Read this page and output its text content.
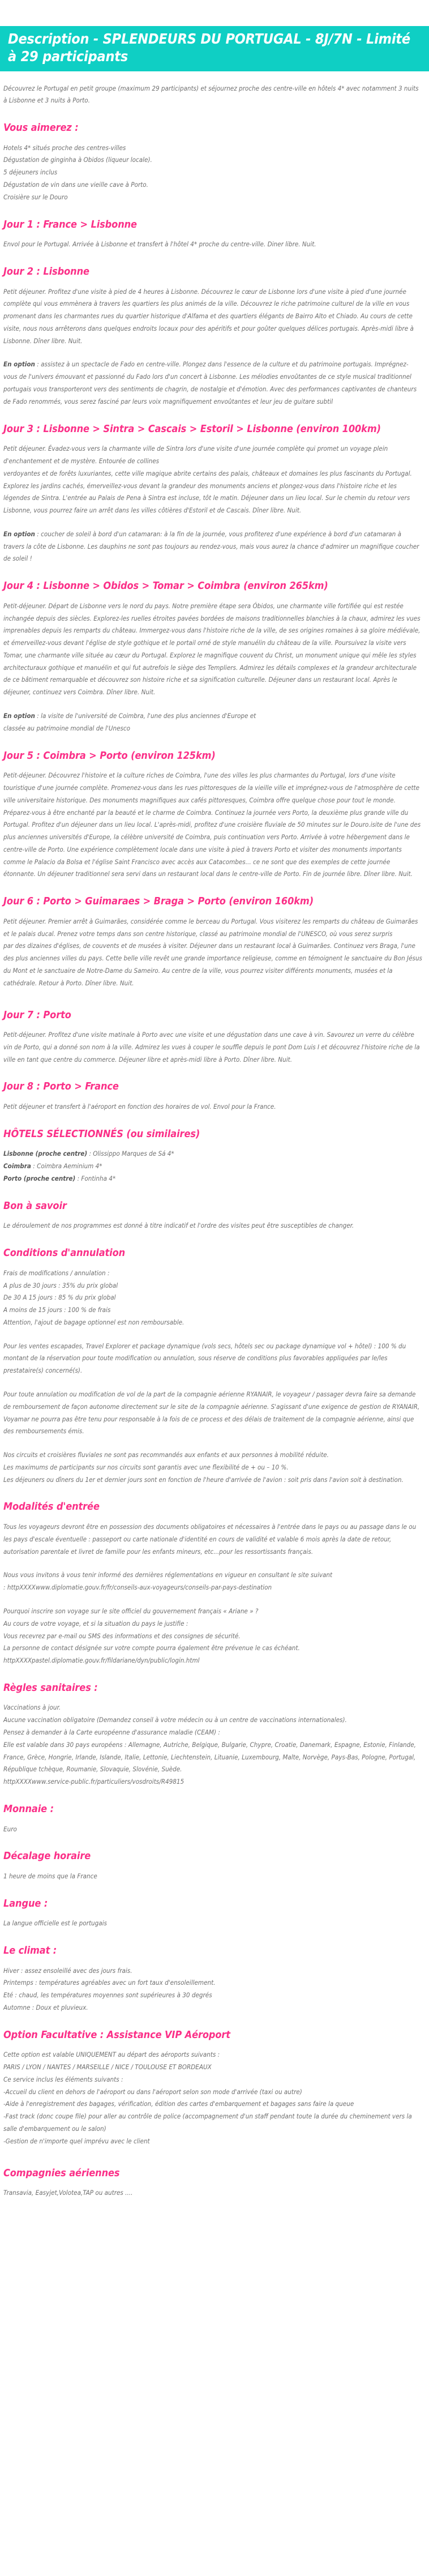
Description - SPLENDEURS DU PORTUGAL - 8J/7N - Limité à 29 participants

Découvrez le Portugal en petit groupe (maximum 29 participants) et séjournez proche des centre-ville en hôtels 4* avec notamment 3 nuits à Lisbonne et 3 nuits à Porto.

Vous aimerez :

Hotels 4* situés proche des centres-villes

Dégustation de ginginha à Obidos (liqueur locale).

5 déjeuners inclus

Dégustation de vin dans une vieille cave à Porto.

Croisière sur le Douro

Jour 1 : France > Lisbonne

Envol pour le Portugal. Arrivée à Lisbonne et transfert à l'hôtel 4* proche du centre-ville. Diner libre. Nuit.

Jour 2 : Lisbonne

Petit déjeuner. Profitez d'une visite à pied de 4 heures à Lisbonne. Découvrez le cœur de Lisbonne lors d'une visite à pied d'une journée complète qui vous emmènera à travers les quartiers les plus animés de la ville. Découvrez le riche patrimoine culturel de la ville en vous promenant dans les charmantes rues du quartier historique d'Alfama et des quartiers élégants de Bairro Alto et Chiado. Au cours de cette visite, nous nous arrêterons dans quelques endroits locaux pour des apéritifs et pour goûter quelques délices portugais. Après-midi libre à Lisbonne. Dîner libre. Nuit.

En option : assistez à un spectacle de Fado en centre-ville. Plongez dans l'essence de la culture et du patrimoine portugais. Imprégnez-vous de l'univers émouvant et passionné du Fado lors d'un concert à Lisbonne. Les mélodies envoûtantes de ce style musical traditionnel portugais vous transporteront vers des sentiments de chagrin, de nostalgie et d'émotion. Avec des performances captivantes de chanteurs de Fado renommés, vous serez fasciné par leurs voix magnifiquement envoûtantes et leur jeu de guitare subtil

Jour 3 : Lisbonne > Sintra > Cascais > Estoril > Lisbonne (environ 100km)

Petit déjeuner. Évadez-vous vers la charmante ville de Sintra lors d'une visite d'une journée complète qui promet un voyage plein d'enchantement et de mystère. Entourée de collines

verdoyantes et de forêts luxuriantes, cette ville magique abrite certains des palais, châteaux et domaines les plus fascinants du Portugal. Explorez les jardins cachés, émerveillez-vous devant la grandeur des monuments anciens et plongez-vous dans l'histoire riche et les légendes de Sintra. L'entrée au Palais de Pena à Sintra est incluse, tôt le matin. Déjeuner dans un lieu local. Sur le chemin du retour vers Lisbonne, vous pourrez faire un arrêt dans les villes côtières d'Estoril et de Cascais. Dîner libre. Nuit.

En option : coucher de soleil à bord d'un catamaran: à la fin de la journée, vous profiterez d'une expérience à bord d'un catamaran à travers la côte de Lisbonne. Les dauphins ne sont pas toujours au rendez-vous, mais vous aurez la chance d'admirer un magnifique coucher de soleil !

Jour 4 : Lisbonne > Obidos > Tomar > Coimbra (environ 265km)

Petit-déjeuner. Départ de Lisbonne vers le nord du pays. Notre première étape sera Óbidos, une charmante ville fortifiée qui est restée inchangée depuis des siècles. Explorez-les ruelles étroites pavées bordées de maisons traditionnelles blanchies à la chaux, admirez les vues imprenables depuis les remparts du château. Immergez-vous dans l'histoire riche de la ville, de ses origines romaines à sa gloire médiévale, et émerveillez-vous devant l'église de style gothique et le portail orné de style manuélin du château de la ville. Poursuivez la visite vers Tomar, une charmante ville située au cœur du Portugal. Explorez le magnifique couvent du Christ, un monument unique qui mêle les styles architecturaux gothique et manuélin et qui fut autrefois le siège des Templiers. Admirez les détails complexes et la grandeur architecturale de ce bâtiment remarquable et découvrez son histoire riche et sa signification culturelle. Déjeuner dans un restaurant local. Après le déjeuner, continuez vers Coimbra. Dîner libre. Nuit.

En option : la visite de l'université de Coimbra, l'une des plus anciennes d'Europe et

classée au patrimoine mondial de l'Unesco

Jour 5 : Coimbra > Porto (environ 125km)

Petit-déjeuner. Découvrez l'histoire et la culture riches de Coimbra, l'une des villes les plus charmantes du Portugal, lors d'une visite touristique d'une journée complète. Promenez-vous dans les rues pittoresques de la vieille ville et imprégnez-vous de l'atmosphère de cette ville universitaire historique. Des monuments magnifiques aux cafés pittoresques, Coimbra offre quelque chose pour tout le monde. Préparez-vous à être enchanté par la beauté et le charme de Coimbra. Continuez la journée vers Porto, la deuxième plus grande ville du Portugal. Profitez d'un déjeuner dans un lieu local. L'après-midi, profitez d'une croisière fluviale de 50 minutes sur le Douro.isite de l'une des plus anciennes universités d'Europe, la célèbre université de Coimbra, puis continuation vers Porto. Arrivée à votre hébergement dans le centre-ville de Porto. Une expérience complètement locale dans une visite à pied à travers Porto et visiter des monuments importants comme le Palacio da Bolsa et l'église Saint Francisco avec accès aux Catacombes... ce ne sont que des exemples de cette journée étonnante. Un déjeuner traditionnel sera servi dans un restaurant local dans le centre-ville de Porto. Fin de journée libre. Dîner libre. Nuit.

Jour 6 : Porto > Guimaraes > Braga > Porto (environ 160km)

Petit déjeuner. Premier arrêt à Guimarães, considérée comme le berceau du Portugal. Vous visiterez les remparts du château de Guimarães et le palais ducal. Prenez votre temps dans son centre historique, classé au patrimoine mondial de l'UNESCO, où vous serez surpris

par des dizaines d'églises, de couvents et de musées à visiter. Déjeuner dans un restaurant local à Guimarães. Continuez vers Braga, l'une des plus anciennes villes du pays. Cette belle ville revêt une grande importance religieuse, comme en témoignent le sanctuaire du Bon Jésus du Mont et le sanctuaire de Notre-Dame du Sameiro. Au centre de la ville, vous pourrez visiter différents monuments, musées et la cathédrale. Retour à Porto. Dîner libre. Nuit.

Jour 7 : Porto

Petit-déjeuner. Profitez d'une visite matinale à Porto avec une visite et une dégustation dans une cave à vin. Savourez un verre du célèbre vin de Porto, qui a donné son nom à la ville. Admirez les vues à couper le souffle depuis le pont Dom Luis I et découvrez l'histoire riche de la ville en tant que centre du commerce. Déjeuner libre et après-midi libre à Porto. Dîner libre. Nuit.

Jour 8 : Porto > France

Petit déjeuner et transfert à l'aéroport en fonction des horaires de vol. Envol pour la France.

HÔTELS SÉLECTIONNÉS (ou similaires)

Lisbonne (proche centre) : Olissippo Marques de Sá 4*

Coimbra : Coimbra Aeminium 4*

Porto (proche centre) : Fontinha 4*

Bon à savoir

Le déroulement de nos programmes est donné à titre indicatif et l'ordre des visites peut être susceptibles de changer.

Conditions d'annulation

Frais de modifications / annulation :

A plus de 30 jours : 35% du prix global

De 30 A 15 jours : 85 % du prix global

A moins de 15 jours : 100 % de frais

Attention, l'ajout de bagage optionnel est non remboursable.

Pour les ventes escapades, Travel Explorer et package dynamique (vols secs, hôtels sec ou package dynamique vol + hôtel) : 100 % du montant de la réservation pour toute modification ou annulation, sous réserve de conditions plus favorables appliquées par le/les prestataire(s) concerné(s).

Pour toute annulation ou modification de vol de la part de la compagnie aérienne RYANAIR, le voyageur / passager devra faire sa demande de remboursement de façon autonome directement sur le site de la compagnie aérienne. S'agissant d'une exigence de gestion de RYANAIR, Voyamar ne pourra pas être tenu pour responsable à la fois de ce process et des délais de traitement de la compagnie aérienne, ainsi que des remboursements émis.

Nos circuits et croisières fluviales ne sont pas recommandés aux enfants et aux personnes à mobilité réduite.

Les maximums de participants sur nos circuits sont garantis avec une flexibilité de + ou – 10 %.

Les déjeuners ou dîners du 1er et dernier jours sont en fonction de l'heure d'arrivée de l'avion : soit pris dans l'avion soit à destination.

Modalités d'entrée

Tous les voyageurs devront être en possession des documents obligatoires et nécessaires à l'entrée dans le pays ou au passage dans le ou les pays d'escale éventuelle : passeport ou carte nationale d'identité en cours de validité et valable 6 mois après la date de retour, autorisation parentale et livret de famille pour les enfants mineurs, etc...pour les ressortissants français.

Nous vous invitons à vous tenir informé des dernières réglementations en vigueur en consultant le site suivant

: httpXXXXwww.diplomatie.gouv.fr/fr/conseils-aux-voyageurs/conseils-par-pays-destination

Pourquoi inscrire son voyage sur le site officiel du gouvernement français « Ariane » ?

Au cours de votre voyage, et si la situation du pays le justifie :

Vous recevrez par e-mail ou SMS des informations et des consignes de sécurité.

La personne de contact désignée sur votre compte pourra également être prévenue le cas échéant.

httpXXXXpastel.diplomatie.gouv.fr/fildariane/dyn/public/login.html

Règles sanitaires :

Vaccinations à jour.

Aucune vaccination obligatoire (Demandez conseil à votre médecin ou à un centre de vaccinations internationales).

Pensez à demander à la Carte européenne d'assurance maladie (CEAM) :

Elle est valable dans 30 pays européens : Allemagne, Autriche, Belgique, Bulgarie, Chypre, Croatie, Danemark, Espagne, Estonie, Finlande, France, Grèce, Hongrie, Irlande, Islande, Italie, Lettonie, Liechtenstein, Lituanie, Luxembourg, Malte, Norvège, Pays-Bas, Pologne, Portugal, République tchèque, Roumanie, Slovaquie, Slovénie, Suède.

httpXXXXwww.service-public.fr/particuliers/vosdroits/R49815

Monnaie :

Euro

Décalage horaire

1 heure de moins que la France

Langue :

La langue officielle est le portugais

Le climat :

Hiver : assez ensoleillé avec des jours frais.

Printemps : températures agréables avec un fort taux d'ensoleillement.

Eté : chaud, les températures moyennes sont supérieures à 30 degrés

Automne : Doux et pluvieux.

Option Facultative : Assistance VIP Aéroport

Cette option est valable UNIQUEMENT au départ des aéroports suivants :

PARIS / LYON / NANTES / MARSEILLE / NICE / TOULOUSE ET BORDEAUX

Ce service inclus les éléments suivants :

-Accueil du client en dehors de l'aéroport ou dans l'aéroport selon son mode d'arrivée (taxi ou autre)

-Aide à l'enregistrement des bagages, vérification, édition des cartes d'embarquement et bagages sans faire la queue

-Fast track (donc coupe file) pour aller au contrôle de police (accompagnement d'un staff pendant toute la durée du cheminement vers la salle d'embarquement ou le salon)

-Gestion de n'importe quel imprévu avec le client

Compagnies aériennes

Transavia, Easyjet,Volotea,TAP ou autres ....
